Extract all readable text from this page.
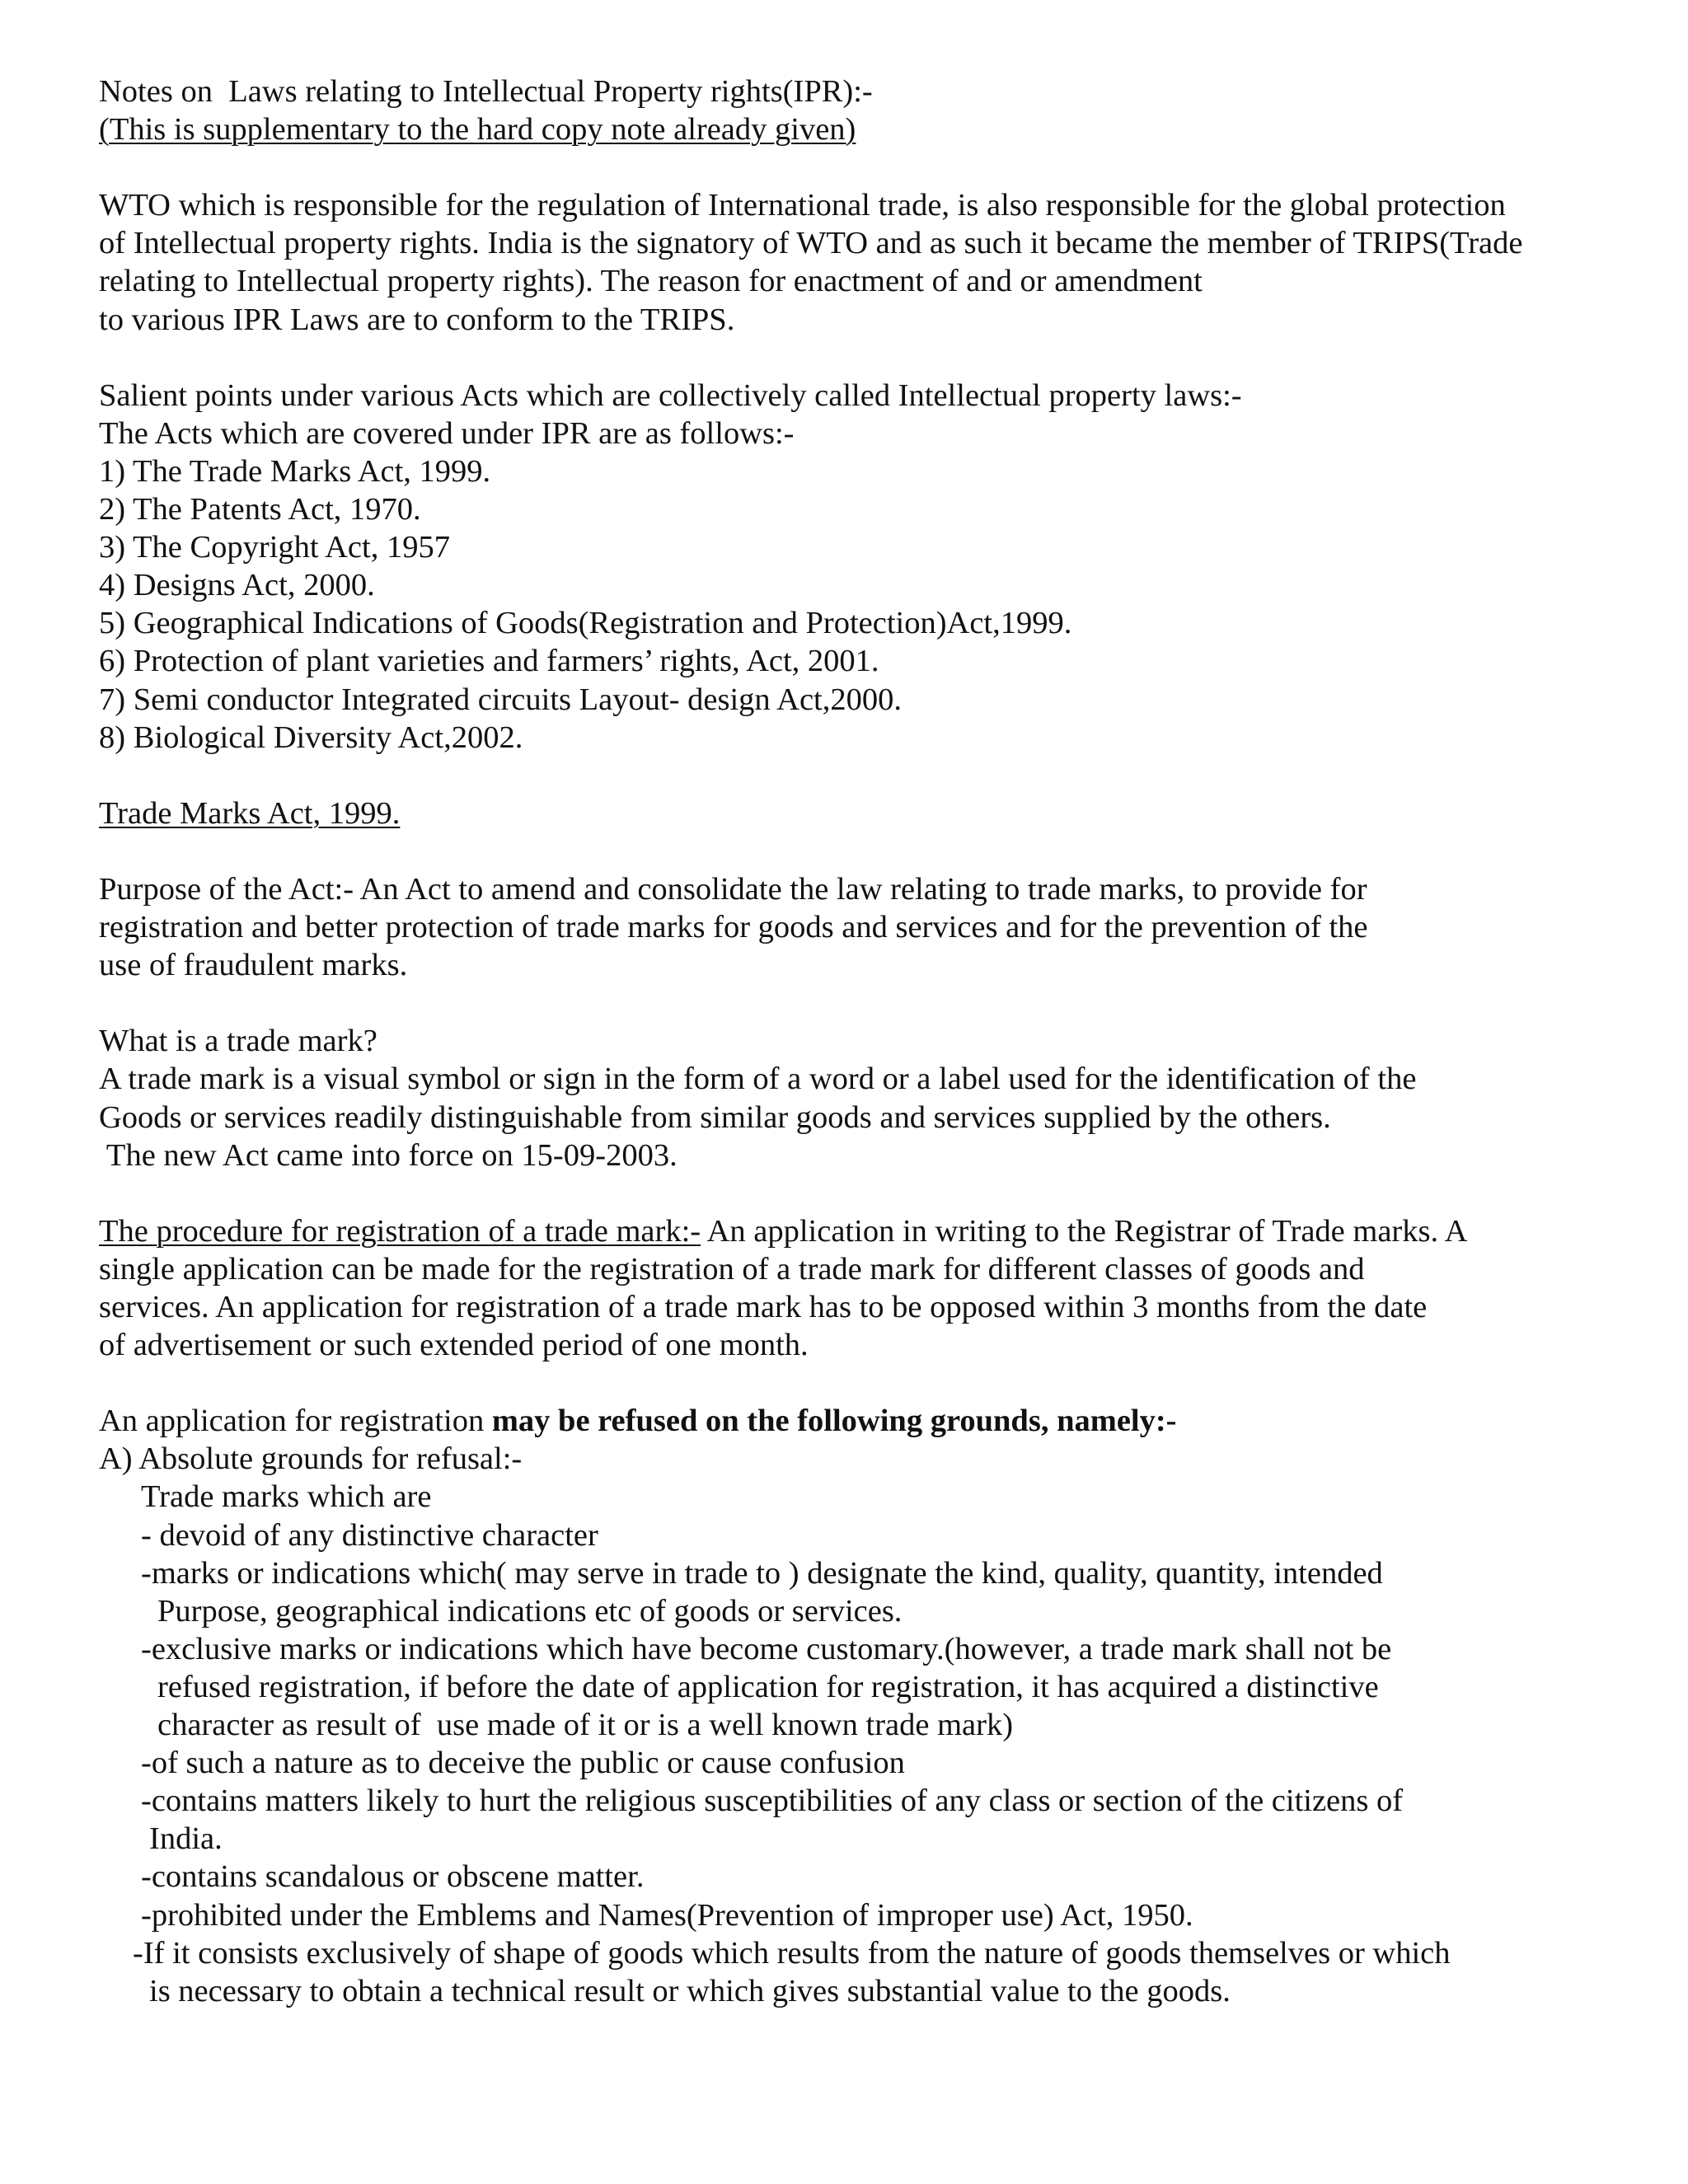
Notes on  Laws relating to Intellectual Property rights(IPR):-
(This is supplementary to the hard copy note already given)
WTO which is responsible for the regulation of International trade, is also responsible for the global protection
of Intellectual property rights. India is the signatory of WTO and as such it became the member of TRIPS(Trade
relating to Intellectual property rights). The reason for enactment of and or amendment
to various IPR Laws are to conform to the TRIPS.
Salient points under various Acts which are collectively called Intellectual property laws:-
The Acts which are covered under IPR are as follows:-
1) The Trade Marks Act, 1999.
2) The Patents Act, 1970.
3) The Copyright Act, 1957
4) Designs Act, 2000.
5) Geographical Indications of Goods(Registration and Protection)Act,1999.
6) Protection of plant varieties and farmers’ rights, Act, 2001.
7) Semi conductor Integrated circuits Layout- design Act,2000.
8) Biological Diversity Act,2002.
Trade Marks Act, 1999.
Purpose of the Act:- An Act to amend and consolidate the law relating to trade marks, to provide for
registration and better protection of trade marks for goods and services and for the prevention of the
use of fraudulent marks.
What is a trade mark?
A trade mark is a visual symbol or sign in the form of a word or a label used for the identification of the
Goods or services readily distinguishable from similar goods and services supplied by the others.
The new Act came into force on 15-09-2003.
The procedure for registration of a trade mark:- An application in writing to the Registrar of Trade marks. A
single application can be made for the registration of a trade mark for different classes of goods and
services. An application for registration of a trade mark has to be opposed within 3 months from the date
of advertisement or such extended period of one month.
An application for registration may be refused on the following grounds, namely:-
A) Absolute grounds for refusal:-
Trade marks which are
- devoid of any distinctive character
-marks or indications which( may serve in trade to ) designate the kind, quality, quantity, intended
Purpose, geographical indications etc of goods or services.
-exclusive marks or indications which have become customary.(however, a trade mark shall not be
refused registration, if before the date of application for registration, it has acquired a distinctive
character as result of  use made of it or is a well known trade mark)
-of such a nature as to deceive the public or cause confusion
-contains matters likely to hurt the religious susceptibilities of any class or section of the citizens of
India.
-contains scandalous or obscene matter.
-prohibited under the Emblems and Names(Prevention of improper use) Act, 1950.
-If it consists exclusively of shape of goods which results from the nature of goods themselves or which
is necessary to obtain a technical result or which gives substantial value to the goods.
